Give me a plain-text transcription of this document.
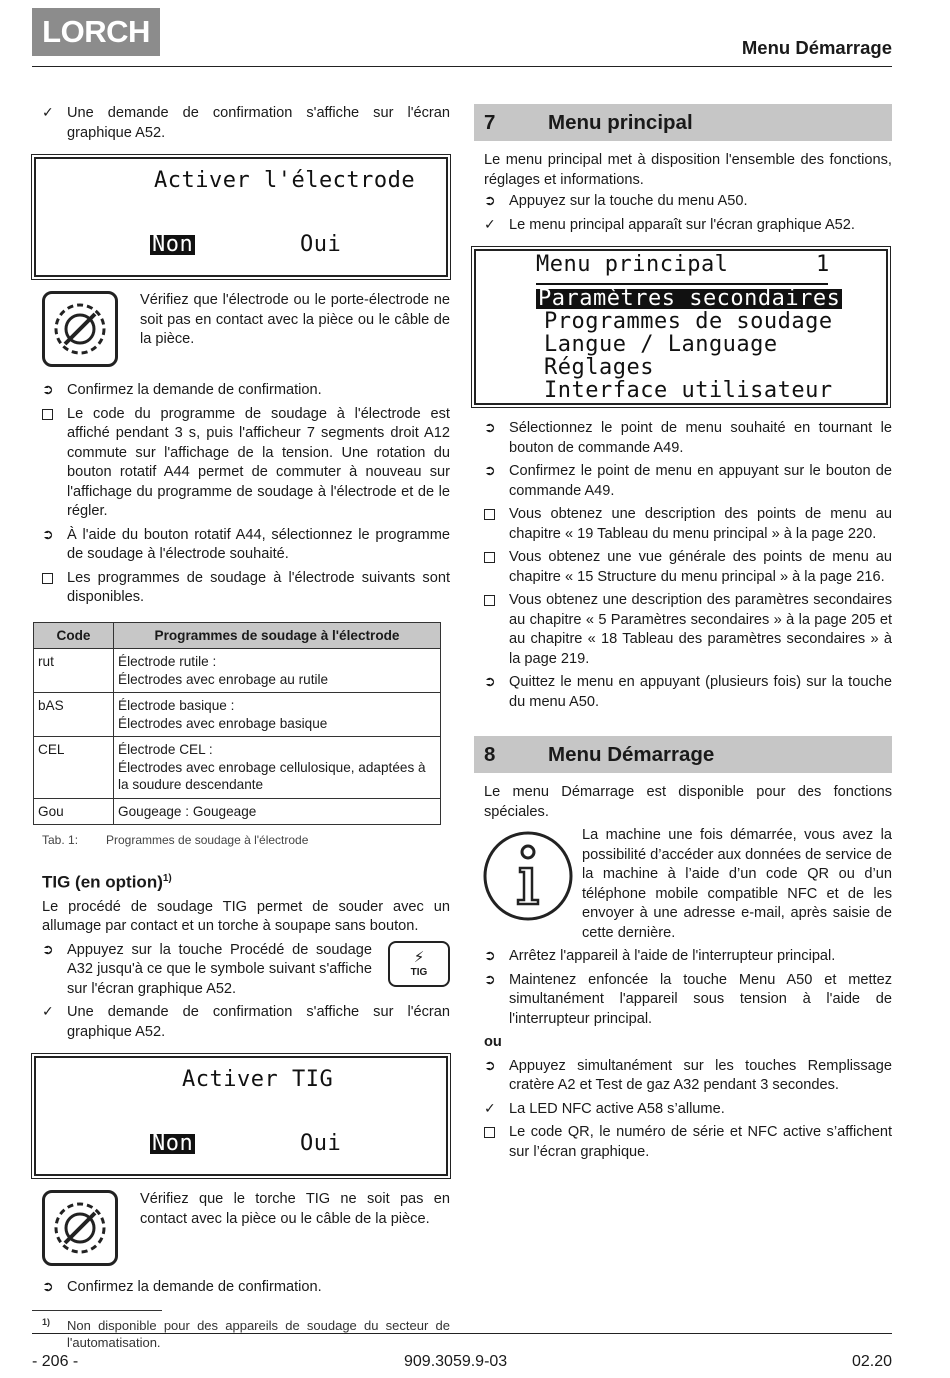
LORCH	Menu Démarrage
✓ Une demande de confirmation s'affiche sur l'écran graphique A52.
Activer l'électrode
Non	Oui
Vérifiez que l'électrode ou le porte-électrode ne soit pas en contact avec la pièce ou le câble de la pièce.
➲ Confirmez la demande de confirmation.
Le code du programme de soudage à l'électrode est affiché pendant 3 s, puis l'afficheur 7 segments droit A12 commute sur l'affichage de la tension. Une rotation du bouton rotatif A44 permet de commuter à nouveau sur l'affichage du programme de soudage à l'électrode et de le régler.
➲ À l'aide du bouton rotatif A44, sélectionnez le programme de soudage à l'électrode souhaité.
Les programmes de soudage à l'électrode suivants sont disponibles.
Code	Programmes de soudage à l'électrode
rut	Électrode rutile :
Électrodes avec enrobage au rutile

bAS	Électrode basique :
Électrodes avec enrobage basique

CEL	Électrode CEL :
Électrodes avec enrobage cellulosique, adaptées à la soudure descendante

Gou	Gougeage : Gougeage
Tab. 1: Programmes de soudage à l'électrode
TIG (en option)$^{1)}$

Le procédé de soudage TIG permet de souder avec un allumage par contact et un torche à soupape sans bouton.

➲ Appuyez sur la touche Procédé de soudage A32 jusqu'à ce que le symbole suivant s'affiche sur l'écran graphique A52.
⚡
TIG
✓ Une demande de confirmation s'affiche sur l'écran graphique A52.
Activer TIG
Non	Oui
Vérifiez que le torche TIG ne soit pas en contact avec la pièce ou le câble de la pièce.
➲ Confirmez la demande de confirmation.
1) Non disponible pour des appareils de soudage du secteur de l'automatisation.
7	Menu principal

Le menu principal met à disposition l'ensemble des fonctions, réglages et informations.

➲ Appuyez sur la touche du menu A50.
✓ Le menu principal apparaît sur l'écran graphique A52.
Menu principal	1
Paramètres secondaires
Programmes de soudage
Langue / Language
Réglages
Interface utilisateur
➲ Sélectionnez le point de menu souhaité en tournant le bouton de commande A49.
➲ Confirmez le point de menu en appuyant sur le bouton de commande A49.
Vous obtenez une description des points de menu au chapitre « 19 Tableau du menu principal » à la page 220.
Vous obtenez une vue générale des points de menu au chapitre « 15 Structure du menu principal » à la page 216.
Vous obtenez une description des paramètres secondaires au chapitre « 5 Paramètres secondaires » à la page 205 et au chapitre « 18 Tableau des paramètres secondaires » à la page 219.
➲ Quittez le menu en appuyant (plusieurs fois) sur la touche du menu A50.
8	Menu Démarrage

Le menu Démarrage est disponible pour des fonctions spéciales.

La machine une fois démarrée, vous avez la possibilité d’accéder aux données de service de la machine à l’aide d’un code QR ou d’un téléphone mobile compatible NFC et de les envoyer à une adresse e-mail, après saisie de cette dernière.
➲ Arrêtez l'appareil à l'aide de l'interrupteur principal.
➲ Maintenez enfoncée la touche Menu A50 et mettez simultanément l'appareil sous tension à l'aide de l'interrupteur principal.
ou
➲ Appuyez simultanément sur les touches Remplissage cratère A2 et Test de gaz A32 pendant 3 secondes.
✓ La LED NFC active A58 s’allume.
Le code QR, le numéro de série et NFC active s’affichent sur l’écran graphique.
- 206 -	909.3059.9-03	02.20
